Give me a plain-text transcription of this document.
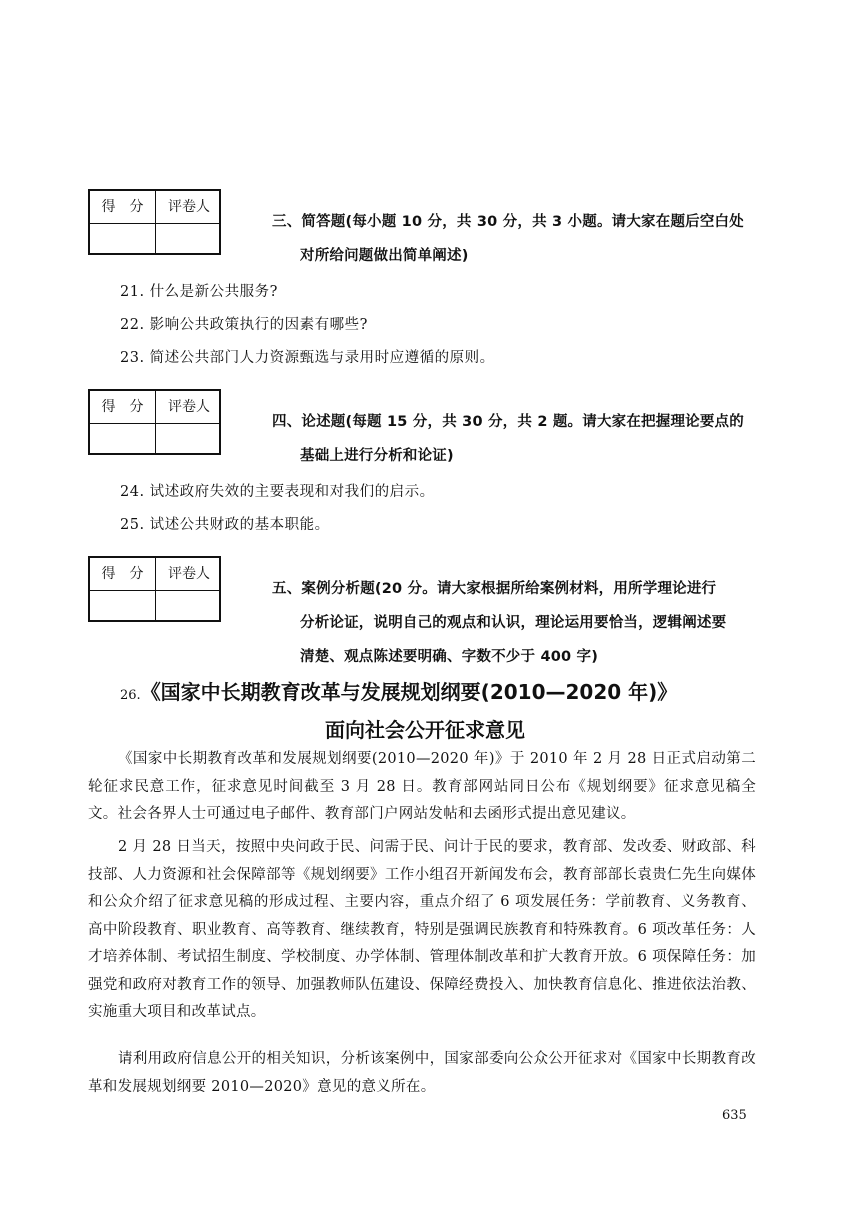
得　分	评卷人
三、简答题(每小题 10 分，共 30 分，共 3 小题。请大家在题后空白处
对所给问题做出简单阐述)
21. 什么是新公共服务?
22. 影响公共政策执行的因素有哪些?
23. 简述公共部门人力资源甄选与录用时应遵循的原则。
得　分	评卷人
四、论述题(每题 15 分，共 30 分，共 2 题。请大家在把握理论要点的
基础上进行分析和论证)
24. 试述政府失效的主要表现和对我们的启示。
25. 试述公共财政的基本职能。
得　分	评卷人
五、案例分析题(20 分。请大家根据所给案例材料，用所学理论进行
分析论证，说明自己的观点和认识，理论运用要恰当，逻辑阐述要
清楚、观点陈述要明确、字数不少于 400 字)
26.《国家中长期教育改革与发展规划纲要(2010—2020 年)》
面向社会公开征求意见
《国家中长期教育改革和发展规划纲要(2010—2020 年)》于 2010 年 2 月 28 日正式启动第二轮征求民意工作，征求意见时间截至 3 月 28 日。教育部网站同日公布《规划纲要》征求意见稿全文。社会各界人士可通过电子邮件、教育部门户网站发帖和去函形式提出意见建议。
2 月 28 日当天，按照中央问政于民、问需于民、问计于民的要求，教育部、发改委、财政部、科技部、人力资源和社会保障部等《规划纲要》工作小组召开新闻发布会，教育部部长袁贵仁先生向媒体和公众介绍了征求意见稿的形成过程、主要内容，重点介绍了 6 项发展任务：学前教育、义务教育、高中阶段教育、职业教育、高等教育、继续教育，特别是强调民族教育和特殊教育。6 项改革任务：人才培养体制、考试招生制度、学校制度、办学体制、管理体制改革和扩大教育开放。6 项保障任务：加强党和政府对教育工作的领导、加强教师队伍建设、保障经费投入、加快教育信息化、推进依法治教、实施重大项目和改革试点。
请利用政府信息公开的相关知识，分析该案例中，国家部委向公众公开征求对《国家中长期教育改革和发展规划纲要 2010—2020》意见的意义所在。
635
